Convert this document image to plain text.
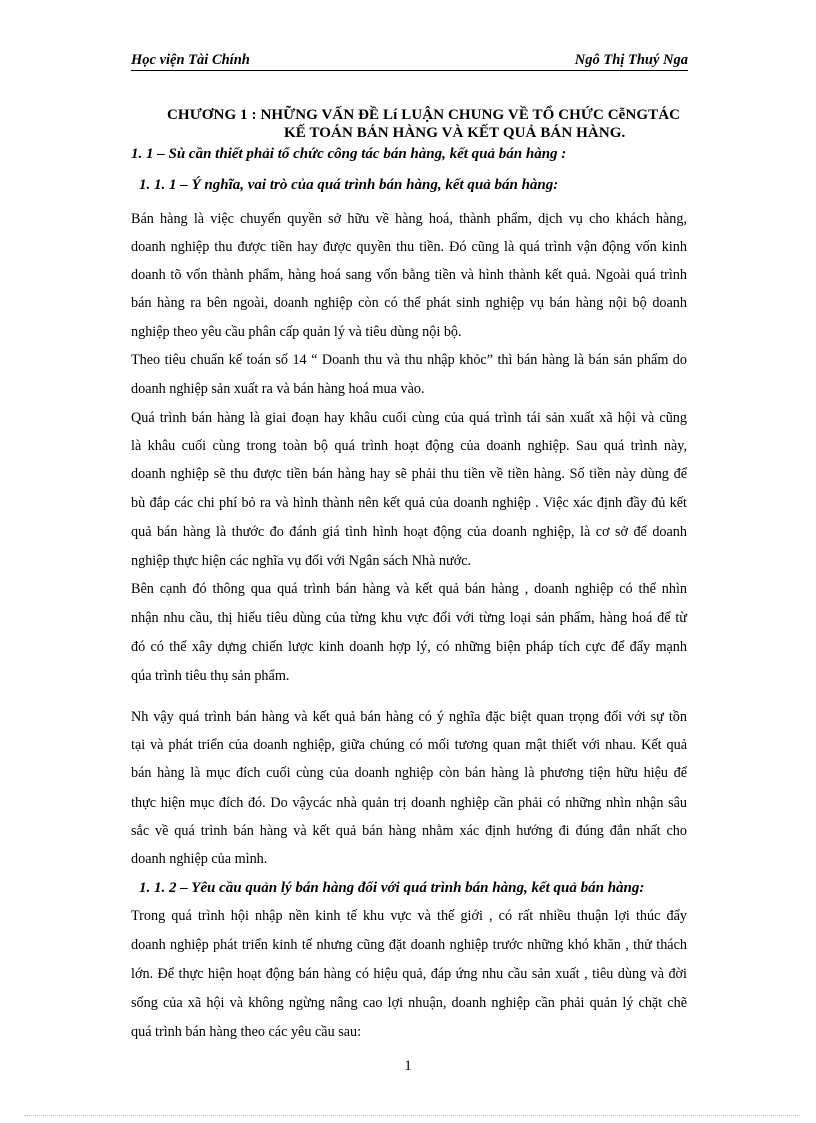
Học viện Tài Chính	Ngô Thị Thuý Nga
CHƯƠNG 1 : NHỮNG VẤN ĐỀ Lí LUẬN CHUNG VỀ TỔ CHỨC CễNGTÁC
KẾ TOÁN BÁN HÀNG VÀ KẾT QUẢ BÁN HÀNG.
1. 1 – Sù cần thiết phải tổ chức công tác bán hàng, kết quả bán hàng :
1. 1. 1 – Ý nghĩa, vai trò của quá trình bán hàng, kết quả bán hàng:
Bán hàng là việc chuyển quyền sở hữu về hàng hoá, thành phẩm, dịch vụ cho khách hàng,
doanh nghiệp thu được tiền hay được quyền thu tiền. Đó cũng là quá trình vận động vốn kinh
doanh tõ vốn thành phẩm, hàng hoá sang vốn bằng tiền và hình thành kết quả. Ngoài quá trình
bán hàng ra bên ngoài, doanh nghiệp còn có thể phát sinh nghiệp vụ bán hàng nội bộ doanh
nghiệp theo yêu cầu phân cấp quản lý và tiêu dùng nội bộ.
Theo tiêu chuẩn kế toán số 14 “ Doanh thu và thu nhập khỏc” thì bán hàng là bán sản phẩm do
doanh nghiệp sản xuất ra và bán hàng hoá mua vào.
Quá trình bán hàng là giai đoạn hay khâu cuối cùng của quá trình tái sản xuất xã hội và cũng
là khâu cuối cùng trong toàn bộ quá trình hoạt động của doanh nghiệp. Sau quá trình này,
doanh nghiệp sẽ thu được tiền bán hàng hay sẽ phải thu tiền về tiền hàng. Số tiền này dùng để
bù đắp các chi phí bỏ ra và hình thành nên kết quả của doanh nghiệp . Việc xác định đầy đủ kết
quả bán hàng là thước đo đánh giá tình hình hoạt động của doanh nghiệp, là cơ sở để doanh
nghiệp thực hiện các nghĩa vụ đối với Ngân sách Nhà nước.
Bên cạnh đó thông qua quá trình bán hàng và kết quả bán hàng , doanh nghiệp có thể nhìn
nhận nhu cầu, thị hiếu tiêu dùng của từng khu vực đối với từng loại sản phẩm, hàng hoá để từ
đó có thể xây dựng chiến lược kinh doanh hợp lý, có những biện pháp tích cực để đẩy mạnh
qúa trình tiêu thụ sản phẩm.
Nh vậy quá trình bán hàng và kết quả bán hàng có ý nghĩa đặc biệt quan trọng đối với sự tồn
tại và phát triển của doanh nghiệp, giữa chúng có mối tương quan mật thiết với nhau. Kết quả
bán hàng là mục đích cuối cùng của doanh nghiệp còn bán hàng là phương tiện hữu hiệu để
thực hiện mục đích đó. Do vậycác nhà quản trị doanh nghiệp cần phải có những nhìn nhận sâu
sắc về quá trình bán hàng và kết quả bán hàng nhằm xác định hướng đi đúng đắn nhất cho
doanh nghiệp của mình.
Trong quá trình hội nhập nền kinh tế khu vực và thế giới , có rất nhiều thuận lợi thúc đẩy
doanh nghiệp phát triển kinh tế nhưng cũng đặt doanh nghiệp trước những khó khăn , thử thách
lớn. Để thực hiện hoạt động bán hàng có hiệu quả, đáp ứng nhu cầu sản xuất , tiêu dùng và đời
sống của xã hội và không ngừng nâng cao lợi nhuận, doanh nghiệp cần phải quản lý chặt chẽ
quá trình bán hàng theo các yêu cầu sau:
1. 1. 2 – Yêu cầu quản lý bán hàng đối với quá trình bán hàng, kết quả bán hàng:
1
